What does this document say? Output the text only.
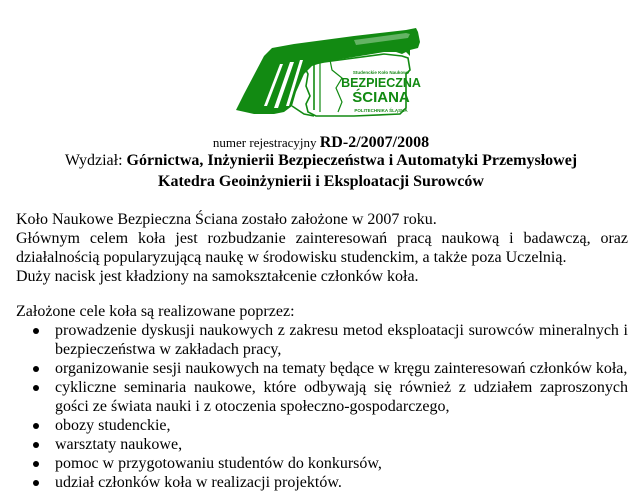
Studenckie Koło Naukowe
BEZPIECZNA
ŚCIANA
POLITECHNIKA ŚLĄSKA
numer rejestracyjny RD-2/2007/2008
Wydział: Górnictwa, Inżynierii Bezpieczeństwa i Automatyki Przemysłowej
Katedra Geoinżynierii i Eksploatacji Surowców
Koło Naukowe Bezpieczna Ściana zostało założone w 2007 roku.
Głównym celem koła jest rozbudzanie zainteresowań pracą naukową i badawczą, oraz działalnością popularyzującą naukę w środowisku studenckim, a także poza Uczelnią.
Duży nacisk jest kładziony na samokształcenie członków koła.
Założone cele koła są realizowane poprzez:
prowadzenie dyskusji naukowych z zakresu metod eksploatacji surowców mineralnych i bezpieczeństwa w zakładach pracy,
organizowanie sesji naukowych na tematy będące w kręgu zainteresowań członków koła,
cykliczne seminaria naukowe, które odbywają się również z udziałem zaproszonych gości ze świata nauki i z otoczenia społeczno-gospodarczego,
obozy studenckie,
warsztaty naukowe,
pomoc w przygotowaniu studentów do konkursów,
udział członków koła w realizacji projektów.
